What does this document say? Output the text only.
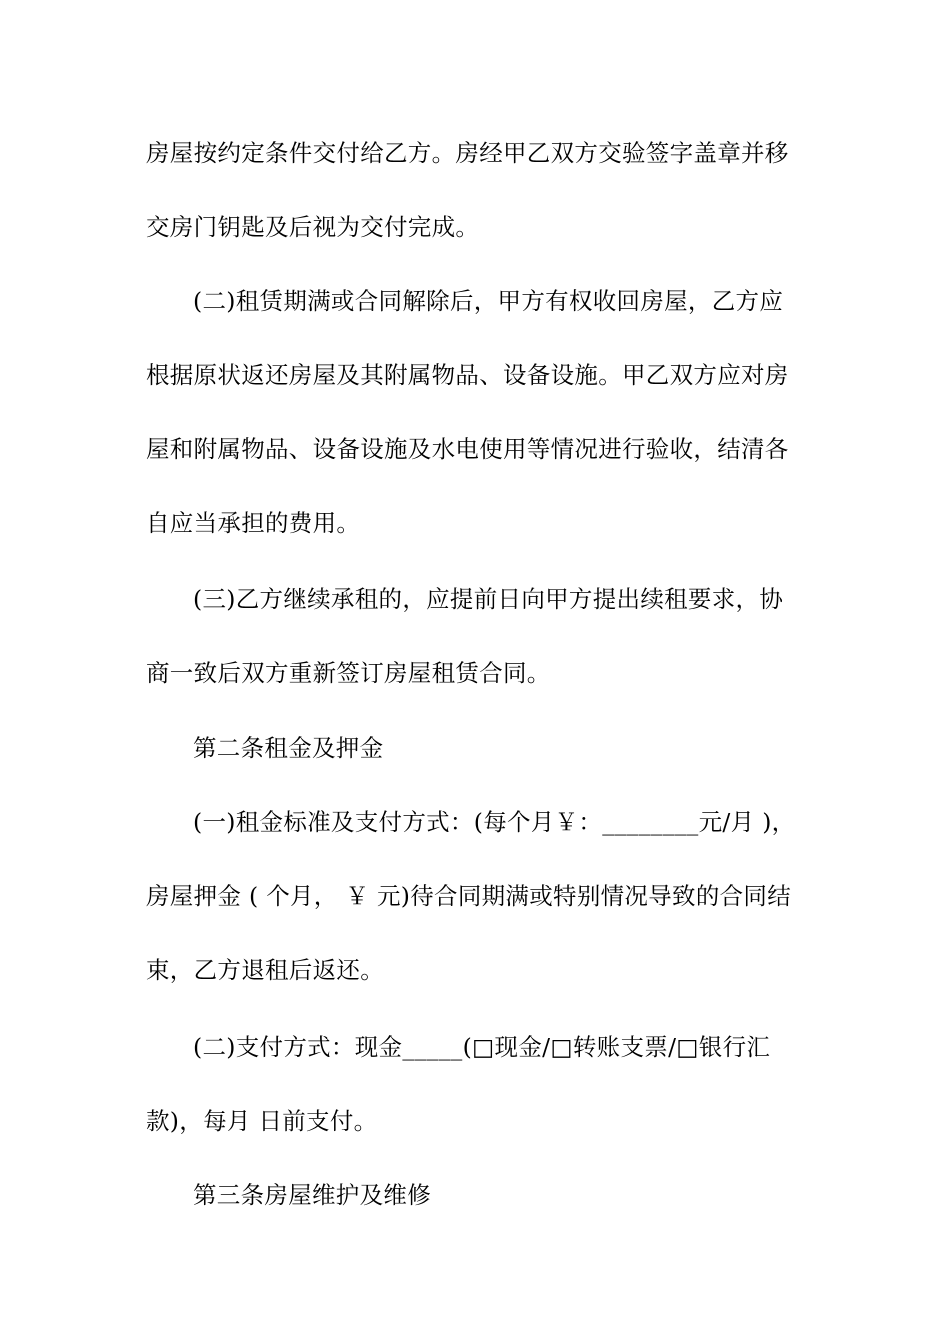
房屋按约定条件交付给乙方。房经甲乙双方交验签字盖章并移
交房门钥匙及后视为交付完成。
(二)租赁期满或合同解除后，甲方有权收回房屋，乙方应
根据原状返还房屋及其附属物品、设备设施。甲乙双方应对房
屋和附属物品、设备设施及水电使用等情况进行验收，结清各
自应当承担的费用。
(三)乙方继续承租的，应提前日向甲方提出续租要求，协
商一致后双方重新签订房屋租赁合同。
第二条租金及押金
(一)租金标准及支付方式：(每个月￥：________元/月 )，
房屋押金 ( 个月， ￥ 元)待合同期满或特别情况导致的合同结
束，乙方退租后返还。
(二)支付方式：现金_____(□现金/□转账支票/□银行汇
款)，每月 日前支付。
第三条房屋维护及维修
